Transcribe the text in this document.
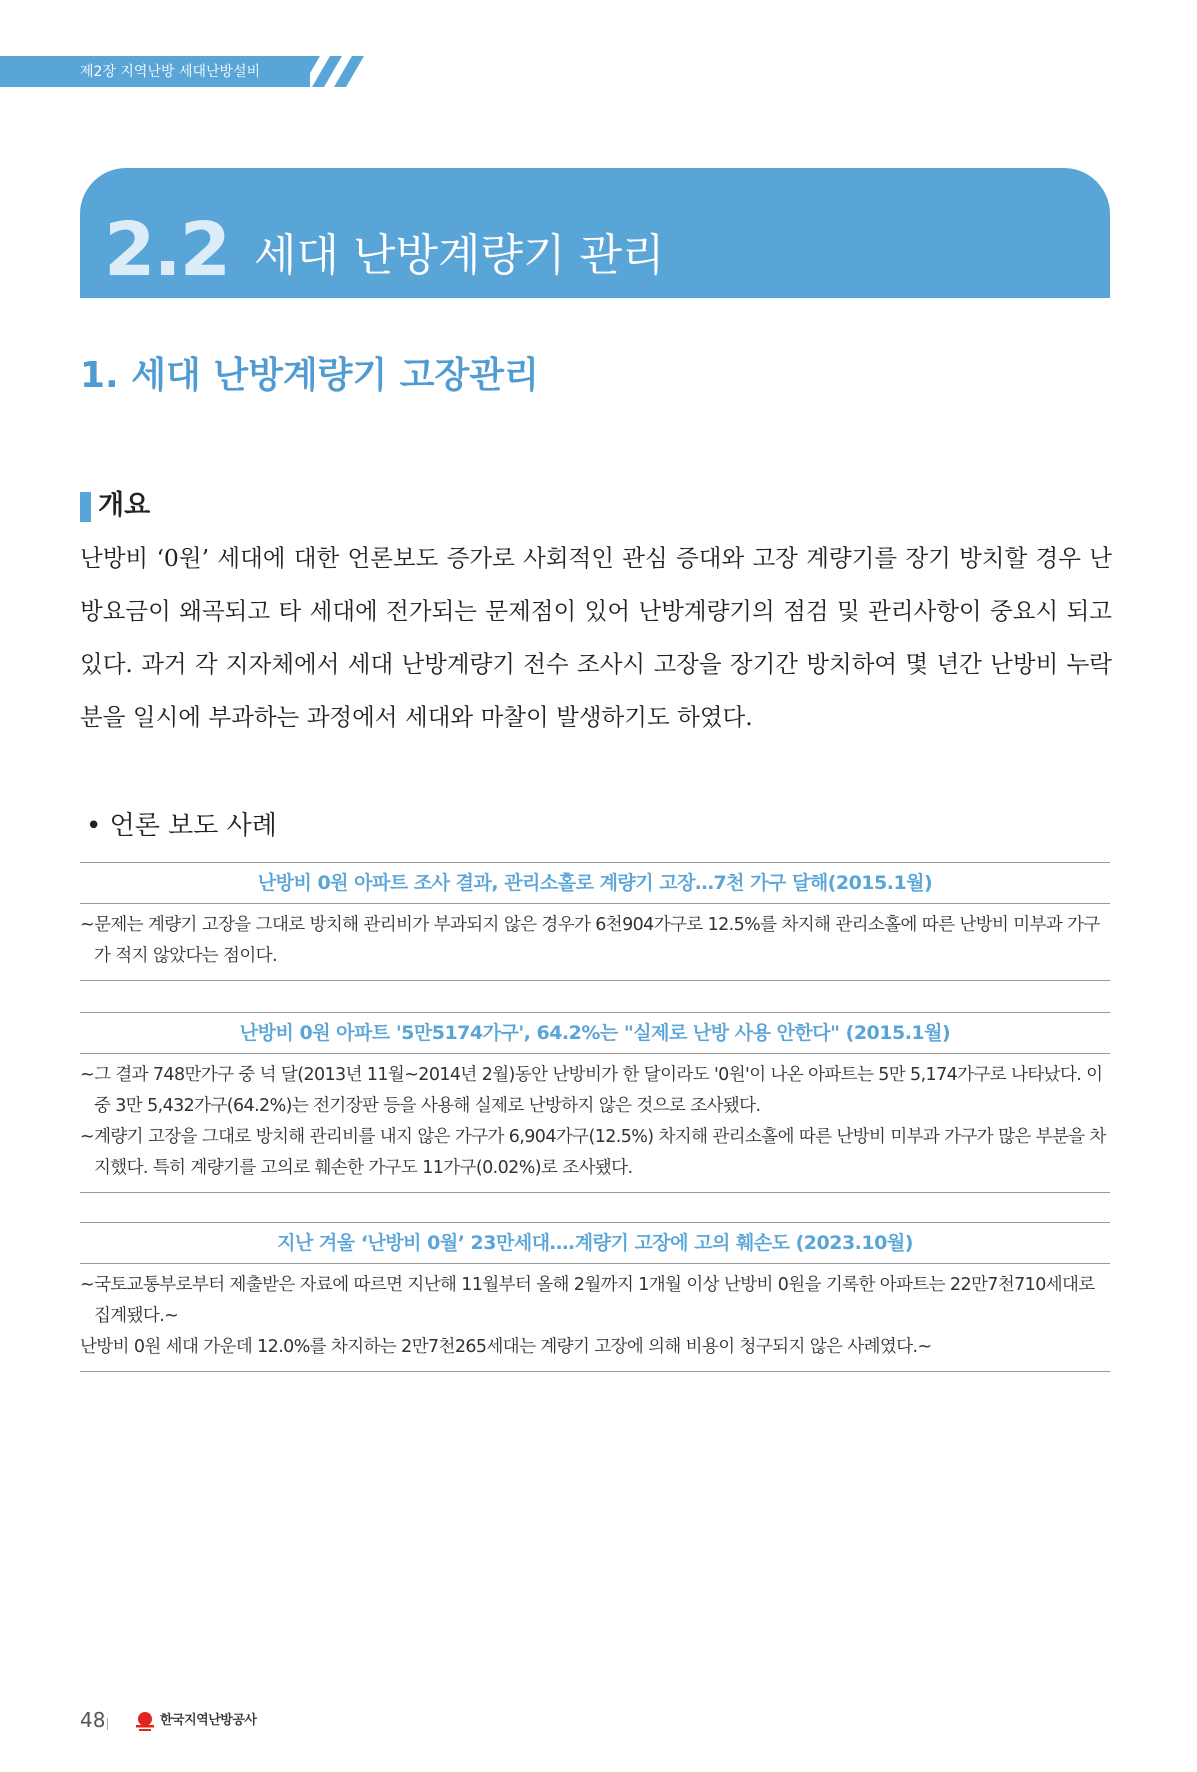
제2장 지역난방 세대난방설비
2.2 세대 난방계량기 관리
1. 세대 난방계량기 고장관리
개요
난방비 ‘0원’ 세대에 대한 언론보도 증가로 사회적인 관심 증대와 고장 계량기를 장기 방치할 경우 난방요금이 왜곡되고 타 세대에 전가되는 문제점이 있어 난방계량기의 점검 및 관리사항이 중요시 되고 있다. 과거 각 지자체에서 세대 난방계량기 전수 조사시 고장을 장기간 방치하여 몇 년간 난방비 누락분을 일시에 부과하는 과정에서 세대와 마찰이 발생하기도 하였다.
• 언론 보도 사례
난방비 0원 아파트 조사 결과, 관리소홀로 계량기 고장…7천 가구 달해(2015.1월)

~문제는 계량기 고장을 그대로 방치해 관리비가 부과되지 않은 경우가 6천904가구로 12.5%를 차지해 관리소홀에 따른 난방비 미부과 가구가 적지 않았다는 점이다.

난방비 0원 아파트 '5만5174가구', 64.2%는 "실제로 난방 사용 안한다" (2015.1월)

~그 결과 748만가구 중 넉 달(2013년 11월~2014년 2월)동안 난방비가 한 달이라도 '0원'이 나온 아파트는 5만 5,174가구로 나타났다. 이 중 3만 5,432가구(64.2%)는 전기장판 등을 사용해 실제로 난방하지 않은 것으로 조사됐다.

~계량기 고장을 그대로 방치해 관리비를 내지 않은 가구가 6,904가구(12.5%) 차지해 관리소홀에 따른 난방비 미부과 가구가 많은 부분을 차지했다. 특히 계량기를 고의로 훼손한 가구도 11가구(0.02%)로 조사됐다.

지난 겨울 ‘난방비 0월’ 23만세대….계량기 고장에 고의 훼손도 (2023.10월)

~국토교통부로부터 제출받은 자료에 따르면 지난해 11월부터 올해 2월까지 1개월 이상 난방비 0원을 기록한 아파트는 22만7천710세대로 집계됐다.~

난방비 0원 세대 가운데 12.0%를 차지하는 2만7천265세대는 계량기 고장에 의해 비용이 청구되지 않은 사례였다.~

48	한국지역난방공사
